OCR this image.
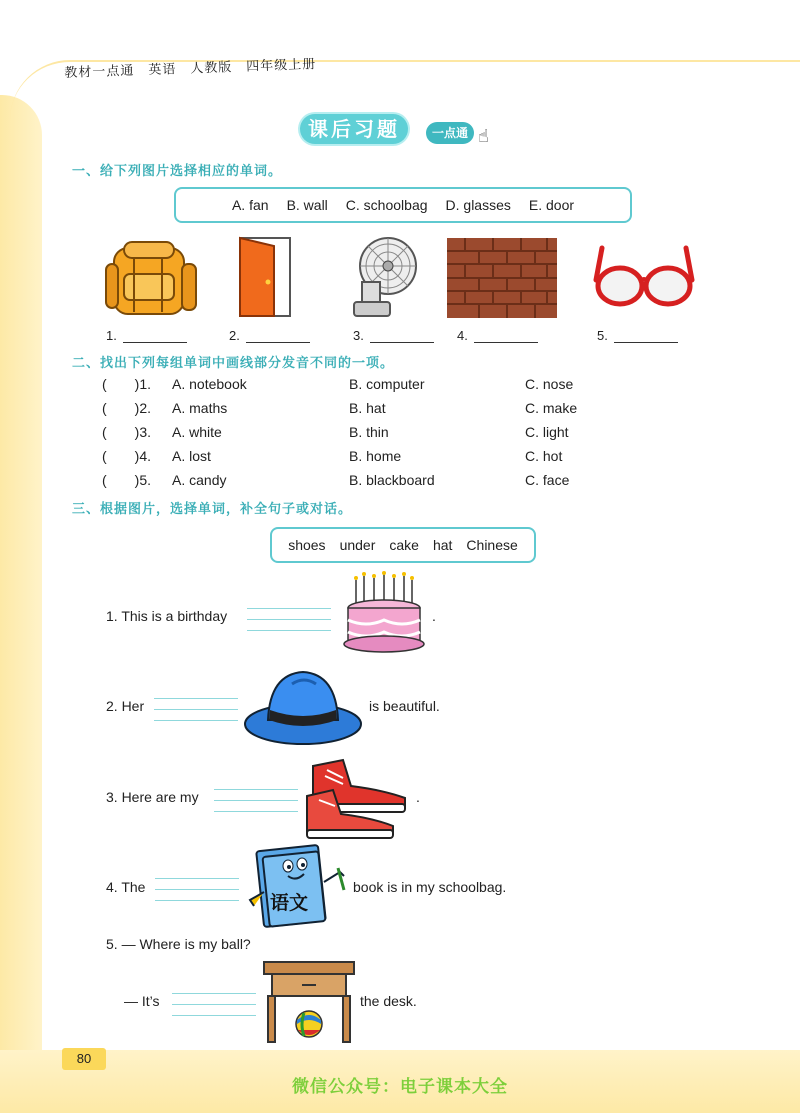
教材一点通　英语　人教版　四年级上册
课后习题	一点通 ☝
一、给下列图片选择相应的单词。
A. fan B. wall C. schoolbag D. glasses E. door
1.	2.	3.	4.	5.
二、找出下列每组单词中画线部分发音不同的一项。
(　　)1. A. notebook	B. computer	C. nose
(　　)2. A. maths	B. hat	C. make
(　　)3. A. white	B. thin	C. light
(　　)4. A. lost	B. home	C. hot
(　　)5. A. candy	B. blackboard	C. face
三、根据图片，选择单词，补全句子或对话。
shoes under cake hat Chinese
1. This is a birthday	.
2. Her	is beautiful.
3. Here are my	.
4. The
语文
book is in my schoolbag.
5. — Where is my ball?
— It’s	the desk.
80
微信公众号：电子课本大全
